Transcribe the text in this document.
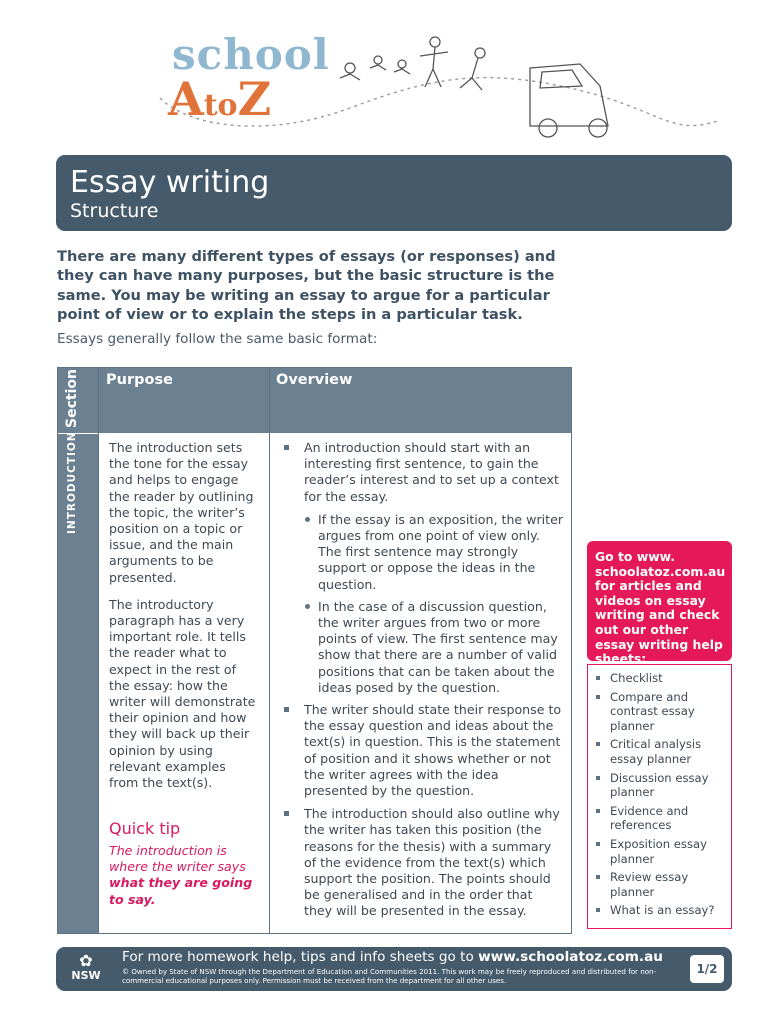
school
AtoZ
Essay writing
Structure
There are many different types of essays (or responses) and they can have many purposes, but the basic structure is the same. You may be writing an essay to argue for a particular point of view or to explain the steps in a particular task.
Essays generally follow the same basic format:
Purpose	Overview
Section
INTRODUCTION The introduction sets the tone for the essay and helps to engage the reader by outlining the topic, the writer’s position on a topic or issue, and the main arguments to be presented.

The introductory paragraph has a very important role. It tells the reader what to expect in the rest of the essay: how the writer will demonstrate their opinion and how they will back up their opinion by using relevant examples from the text(s).

Quick tip
The introduction is where the writer says what they are going to say.
An introduction should start with an interesting first sentence, to gain the reader’s interest and to set up a context for the essay.
If the essay is an exposition, the writer argues from one point of view only. The first sentence may strongly support or oppose the ideas in the question.
In the case of a discussion question, the writer argues from two or more points of view. The first sentence may show that there are a number of valid positions that can be taken about the ideas posed by the question.
The writer should state their response to the essay question and ideas about the text(s) in question. This is the statement of position and it shows whether or not the writer agrees with the idea presented by the question.
The introduction should also outline why the writer has taken this position (the reasons for the thesis) with a summary of the evidence from the text(s) which support the position. The points should be generalised and in the order that they will be presented in the essay.
Go to www. schoolatoz.com.au for articles and videos on essay writing and check out our other essay writing help sheets:
Checklist
Compare and contrast essay planner
Critical analysis essay planner
Discussion essay planner
Evidence and references
Exposition essay planner
Review essay planner
What is an essay?
✿
NSW
For more homework help, tips and info sheets go to www.schoolatoz.com.au
© Owned by State of NSW through the Department of Education and Communities 2011. This work may be freely reproduced and distributed for non-commercial educational purposes only. Permission must be received from the department for all other uses.
1/2
